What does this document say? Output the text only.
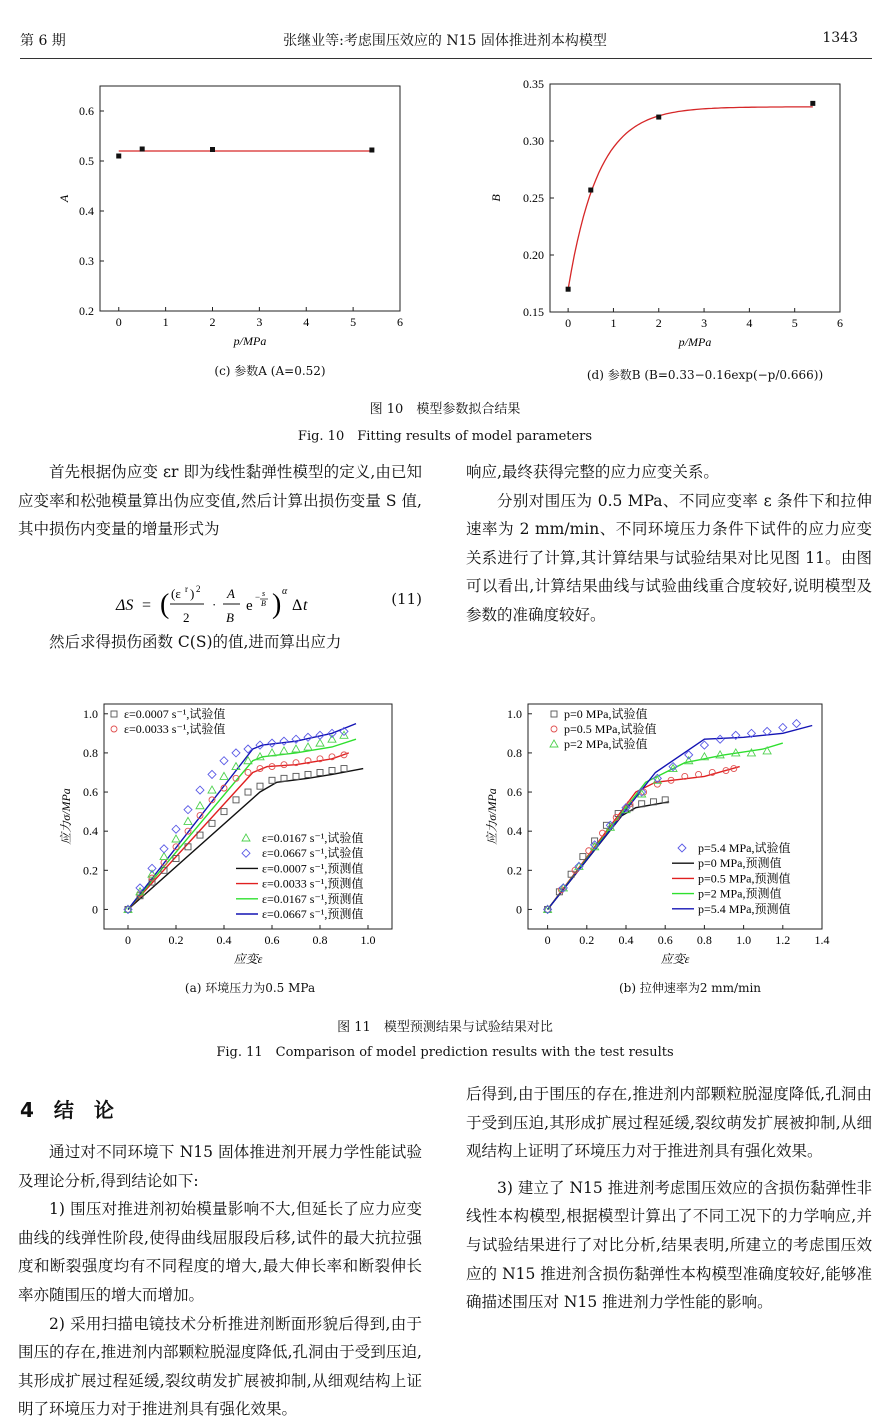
第 6 期	张继业等:考虑围压效应的 N15 固体推进剂本构模型	1343
0	1	2	3	4	5	6
0.2
0.3
0.4
0.5
0.6
p/MPa
A
0	1	2	3	4	5	6
0.15
0.20
0.25
0.30
0.35
p/MPa
B
(c) 参数A (A=0.52)	(d) 参数B (B=0.33−0.16exp(−p/0.666))
图 10　模型参数拟合结果
Fig. 10　Fitting results of model parameters

首先根据伪应变 εr 即为线性黏弹性模型的定义,由已知应变率和松弛模量算出伪应变值,然后计算出损伤变量 S 值,其中损伤内变量的增量形式为

ΔS = ( (ε r ) 2
2
·
A
B
e
− s
B ) α
Δ t	(11)

然后求得损伤函数 C(S)的值,进而算出应力

响应,最终获得完整的应力应变关系。

分别对围压为 0.5 MPa、不同应变率 ε 条件下和拉伸速率为 2 mm/min、不同环境压力条件下试件的应力应变关系进行了计算,其计算结果与试验结果对比见图 11。由图可以看出,计算结果曲线与试验曲线重合度较好,说明模型及参数的准确度较好。

0	0.2	0.4	0.6	0.8	1.0
0
0.2
0.4
0.6
0.8
1.0
应变ε
应力σ/MPa
ε=0.0007 s⁻¹,试验值
ε=0.0033 s⁻¹,试验值
ε=0.0167 s⁻¹,试验值
ε=0.0667 s⁻¹,试验值
ε=0.0007 s⁻¹,预测值
ε=0.0033 s⁻¹,预测值
ε=0.0167 s⁻¹,预测值
ε=0.0667 s⁻¹,预测值
0 0.2 0.4 0.6 0.8 1.0 1.2 1.4
0
0.2
0.4
0.6
0.8
1.0
应变ε
应力σ/MPa
p=0 MPa,试验值
p=0.5 MPa,试验值
p=2 MPa,试验值
p=5.4 MPa,试验值
p=0 MPa,预测值
p=0.5 MPa,预测值
p=2 MPa,预测值
p=5.4 MPa,预测值
(a) 环境压力为0.5 MPa	(b) 拉伸速率为2 mm/min
图 11　模型预测结果与试验结果对比
Fig. 11　Comparison of model prediction results with the test results
4　结　论

通过对不同环境下 N15 固体推进剂开展力学性能试验及理论分析,得到结论如下:

1) 围压对推进剂初始模量影响不大,但延长了应力应变曲线的线弹性阶段,使得曲线屈服段后移,试件的最大抗拉强度和断裂强度均有不同程度的增大,最大伸长率和断裂伸长率亦随围压的增大而增加。

2) 采用扫描电镜技术分析推进剂断面形貌后得到,由于围压的存在,推进剂内部颗粒脱湿度降低,孔洞由于受到压迫,其形成扩展过程延缓,裂纹萌发扩展被抑制,从细观结构上证明了环境压力对于推进剂具有强化效果。

后得到,由于围压的存在,推进剂内部颗粒脱湿度降低,孔洞由于受到压迫,其形成扩展过程延缓,裂纹萌发扩展被抑制,从细观结构上证明了环境压力对于推进剂具有强化效果。

3) 建立了 N15 推进剂考虑围压效应的含损伤黏弹性非线性本构模型,根据模型计算出了不同工况下的力学响应,并与试验结果进行了对比分析,结果表明,所建立的考虑围压效应的 N15 推进剂含损伤黏弹性本构模型准确度较好,能够准确描述围压对 N15 推进剂力学性能的影响。
